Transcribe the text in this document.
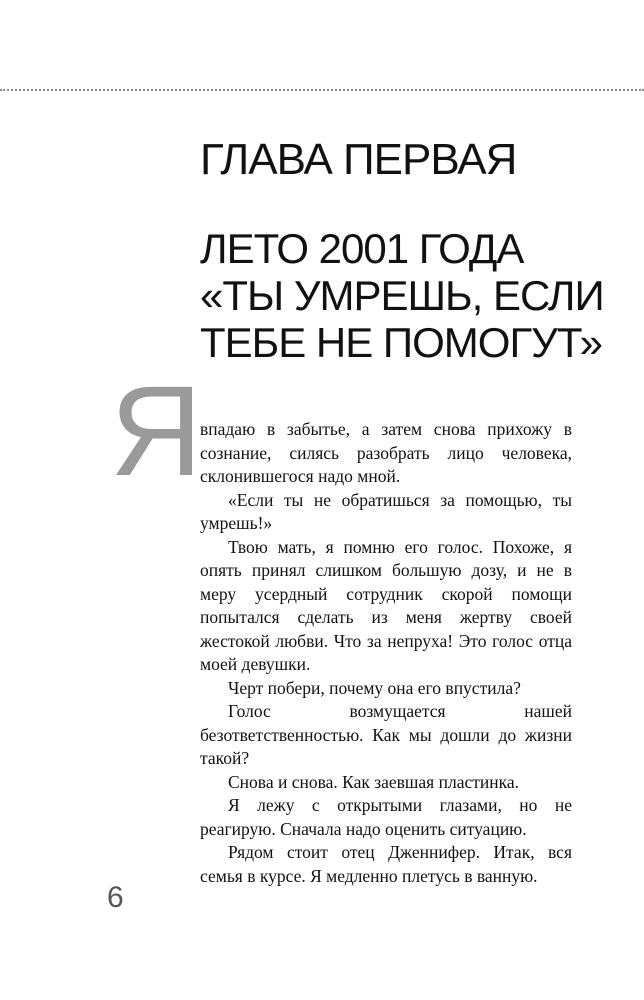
ГЛАВА ПЕРВАЯ
ЛЕТО 2001 ГОДА
«ТЫ УМРЕШЬ, ЕСЛИ
ТЕБЕ НЕ ПОМОГУТ»
Я

впадаю в забытье, а затем снова прихожу в сознание, силясь разобрать лицо человека, склонившегося надо мной.

«Если ты не обратишься за помощью, ты умрешь!»

Твою мать, я помню его голос. Похоже, я опять принял слишком большую дозу, и не в меру усердный сотрудник скорой помощи попытался сделать из меня жертву своей жестокой любви. Что за непруха! Это голос отца моей девушки.

Черт побери, почему она его впустила?

Голос возмущается нашей безответственностью. Как мы дошли до жизни такой?

Снова и снова. Как заевшая пластинка.

Я лежу с открытыми глазами, но не реагирую. Сначала надо оценить ситуацию.

Рядом стоит отец Дженнифер. Итак, вся семья в курсе. Я медленно плетусь в ванную.

6
